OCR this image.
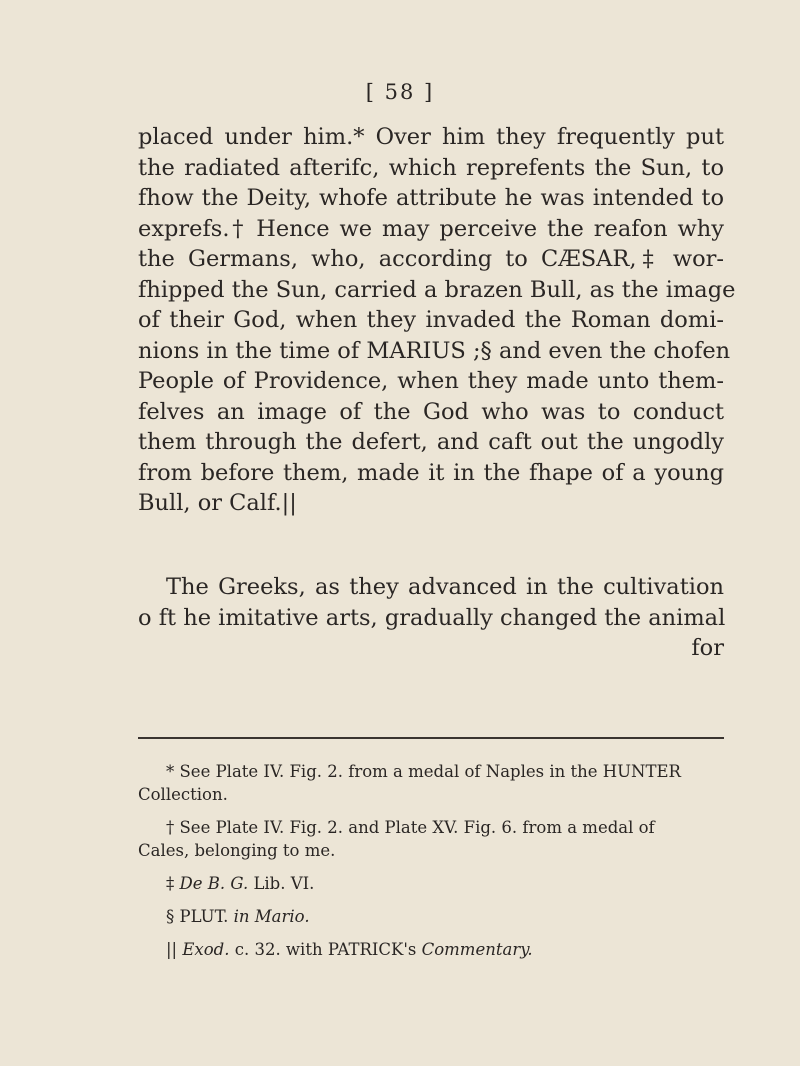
[ 58 ]
placed under him.* Over him they frequently put
the radiated afterifc, which reprefents the Sun, to
fhow the Deity, whofe attribute he was intended to
exprefs.† Hence we may perceive the reafon why
the Germans, who, according to CÆSAR,‡ wor-
fhipped the Sun, carried a brazen Bull, as the image
of their God, when they invaded the Roman domi-
nions in the time of MARIUS ;§ and even the chofen
People of Providence, when they made unto them-
felves an image of the God who was to conduct
them through the defert, and caft out the ungodly
from before them, made it in the fhape of a young
Bull, or Calf.||
The Greeks, as they advanced in the cultivation
o ft he imitative arts, gradually changed the animal
for
* See Plate IV. Fig. 2. from a medal of Naples in the HUNTER
Collection.
† See Plate IV. Fig. 2. and Plate XV. Fig. 6. from a medal of
Cales, belonging to me.
‡ De B. G. Lib. VI.
§ PLUT. in Mario.
|| Exod. c. 32. with PATRICK's Commentary.
